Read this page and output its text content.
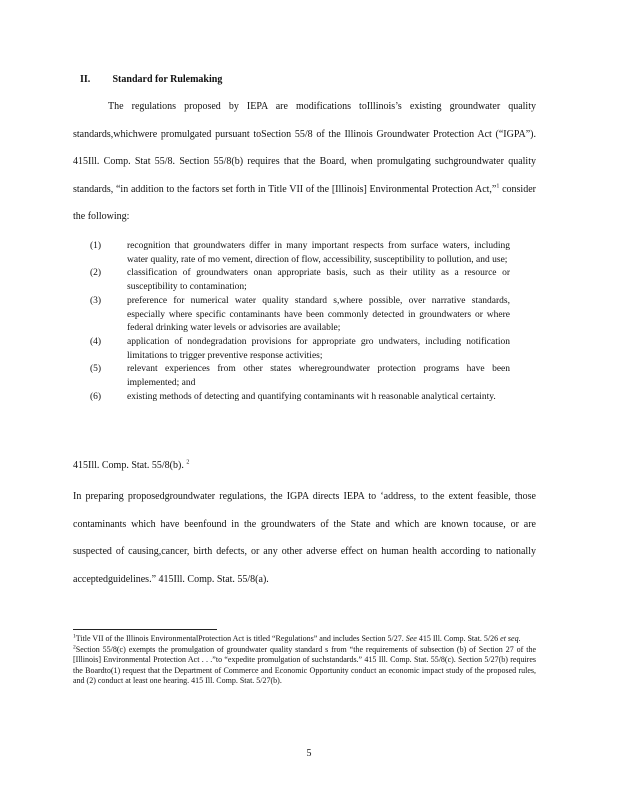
II. Standard for Rulemaking

The regulations proposed by IEPA are modifications toIllinois’s existing groundwater quality standards,whichwere promulgated pursuant toSection 55/8 of the Illinois Groundwater Protection Act (“IGPA”). 415Ill. Comp. Stat 55/8. Section 55/8(b) requires that the Board, when promulgating suchgroundwater quality standards, “in addition to the factors set forth in Title VII of the [Illinois] Environmental Protection Act,”$^1$ consider the following:

(1)	recognition that groundwaters differ in many important respects from surface waters, including water quality, rate of mo vement, direction of flow, accessibility, susceptibility to pollution, and use;
(2)	classification of groundwaters onan appropriate basis, such as their utility as a resource or susceptibility to contamination;
(3)	preference for numerical water quality standard s,where possible, over narrative standards, especially where specific contaminants have been commonly detected in groundwaters or where federal drinking water levels or advisories are available;
(4)	application of nondegradation provisions for appropriate gro undwaters, including notification limitations to trigger preventive response activities;
(5)	relevant experiences from other states wheregroundwater protection programs have been implemented; and
(6)	existing methods of detecting and quantifying contaminants wit h reasonable analytical certainty.
415Ill. Comp. Stat. 55/8(b). $^2$

In preparing proposedgroundwater regulations, the IGPA directs IEPA to ‘address, to the extent feasible, those contaminants which have beenfound in the groundwaters of the State and which are known tocause, or are suspected of causing,cancer, birth defects, or any other adverse effect on human health according to nationally acceptedguidelines.” 415Ill. Comp. Stat. 55/8(a).

$^1$Title VII of the Illinois EnvironmentalProtection Act is titled “Regulations” and includes Section 5/27. See 415 Ill. Comp. Stat. 5/26 et seq.

$^2$Section 55/8(c) exempts the promulgation of groundwater quality standard s from “the requirements of subsection (b) of Section 27 of the [Illinois] Environmental Protection Act . . .”to “expedite promulgation of suchstandards.” 415 Ill. Comp. Stat. 55/8(c). Section 5/27(b) requires the Boardto(1) request that the Department of Commerce and Economic Opportunity conduct an economic impact study of the proposed rules, and (2) conduct at least one hearing. 415 Ill. Comp. Stat. 5/27(b).

5
